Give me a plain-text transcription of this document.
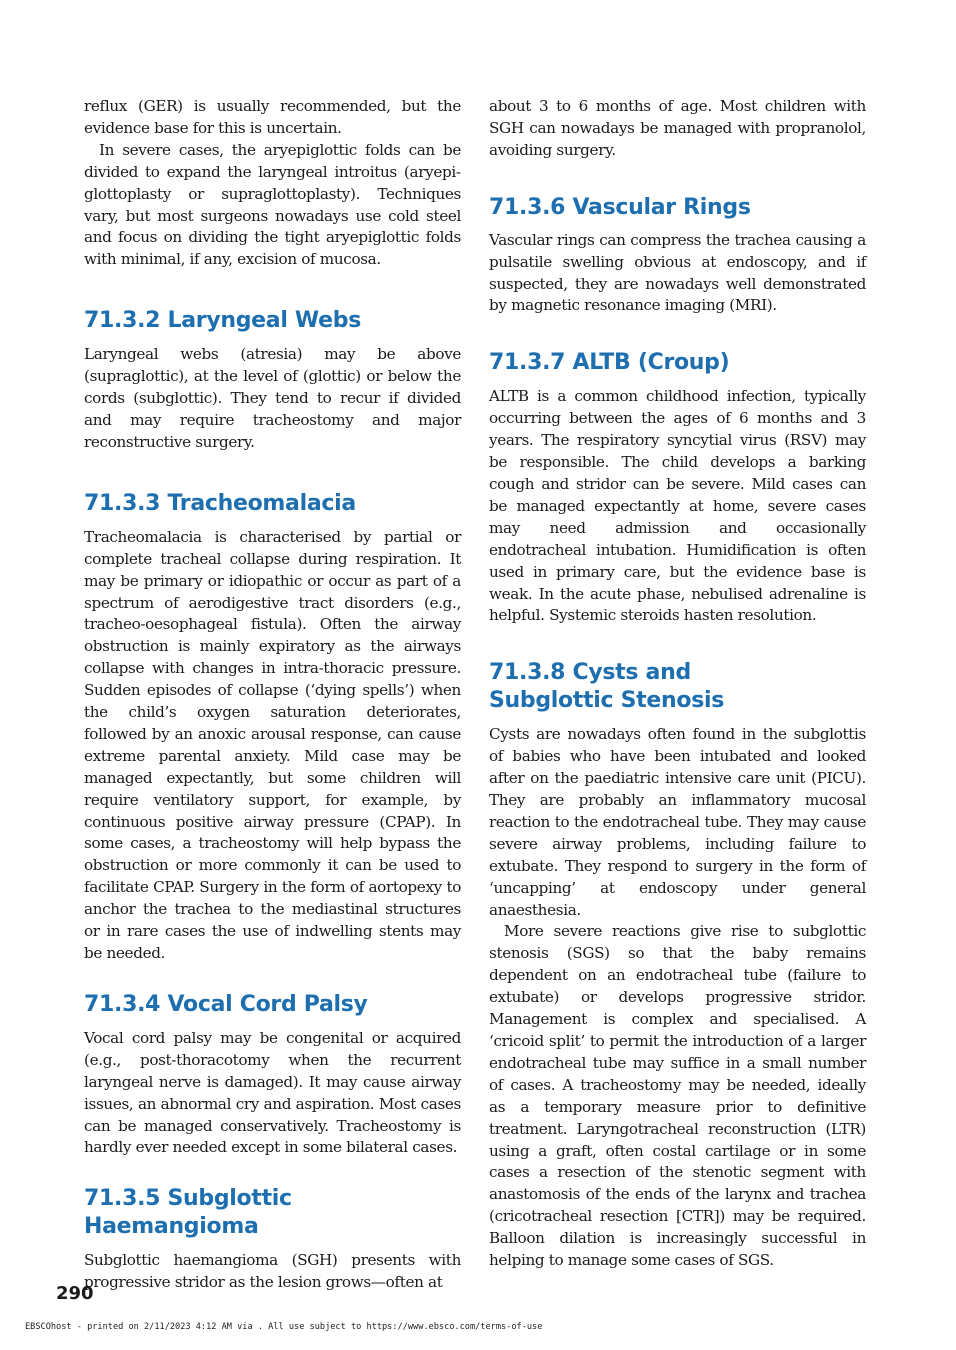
reflux (GER) is usually recommended, but the evidence base for this is uncertain.

In severe cases, the aryepiglottic folds can be divided to expand the laryngeal introitus (aryepiglottoplasty or supraglottoplasty). Techniques vary, but most surgeons nowadays use cold steel and focus on dividing the tight aryepiglottic folds with minimal, if any, excision of mucosa.

71.3.2 Laryngeal Webs

Laryngeal webs (atresia) may be above (supraglottic), at the level of (glottic) or below the cords (subglottic). They tend to recur if divided and may require tracheostomy and major reconstructive surgery.

71.3.3 Tracheomalacia

Tracheomalacia is characterised by partial or complete tracheal collapse during respiration. It may be primary or idiopathic or occur as part of a spectrum of aerodigestive tract disorders (e.g., tracheo-oesophageal fistula). Often the airway obstruction is mainly expiratory as the airways collapse with changes in intra-thoracic pressure. Sudden episodes of collapse (‘dying spells’) when the child’s oxygen saturation deteriorates, followed by an anoxic arousal response, can cause extreme parental anxiety. Mild case may be managed expectantly, but some children will require ventilatory support, for example, by continuous positive airway pressure (CPAP). In some cases, a tracheostomy will help bypass the obstruction or more commonly it can be used to facilitate CPAP. Surgery in the form of aortopexy to anchor the trachea to the mediastinal structures or in rare cases the use of indwelling stents may be needed.

71.3.4 Vocal Cord Palsy

Vocal cord palsy may be congenital or acquired (e.g., post-thoracotomy when the recurrent laryngeal nerve is damaged). It may cause airway issues, an abnormal cry and aspiration. Most cases can be managed conservatively. Tracheostomy is hardly ever needed except in some bilateral cases.

71.3.5 Subglottic Haemangioma

Subglottic haemangioma (SGH) presents with progressive stridor as the lesion grows—often at

about 3 to 6 months of age. Most children with SGH can nowadays be managed with propranolol, avoiding surgery.

71.3.6 Vascular Rings

Vascular rings can compress the trachea causing a pulsatile swelling obvious at endoscopy, and if suspected, they are nowadays well demonstrated by magnetic resonance imaging (MRI).

71.3.7 ALTB (Croup)

ALTB is a common childhood infection, typically occurring between the ages of 6 months and 3 years. The respiratory syncytial virus (RSV) may be responsible. The child develops a barking cough and stridor can be severe. Mild cases can be managed expectantly at home, severe cases may need admission and occasionally endotracheal intubation. Humidification is often used in primary care, but the evidence base is weak. In the acute phase, nebulised adrenaline is helpful. Systemic steroids hasten resolution.

71.3.8 Cysts and Subglottic Stenosis

Cysts are nowadays often found in the subglottis of babies who have been intubated and looked after on the paediatric intensive care unit (PICU). They are probably an inflammatory mucosal reaction to the endotracheal tube. They may cause severe airway problems, including failure to extubate. They respond to surgery in the form of ‘uncapping’ at endoscopy under general anaesthesia.

More severe reactions give rise to subglottic stenosis (SGS) so that the baby remains dependent on an endotracheal tube (failure to extubate) or develops progressive stridor. Management is complex and specialised. A ‘cricoid split’ to permit the introduction of a larger endotracheal tube may suffice in a small number of cases. A tracheostomy may be needed, ideally as a temporary measure prior to definitive treatment. Laryngotracheal reconstruction (LTR) using a graft, often costal cartilage or in some cases a resection of the stenotic segment with anastomosis of the ends of the larynx and trachea (cricotracheal resection [CTR]) may be required. Balloon dilation is increasingly successful in helping to manage some cases of SGS.

290
EBSCOhost - printed on 2/11/2023 4:12 AM via . All use subject to https://www.ebsco.com/terms-of-use
